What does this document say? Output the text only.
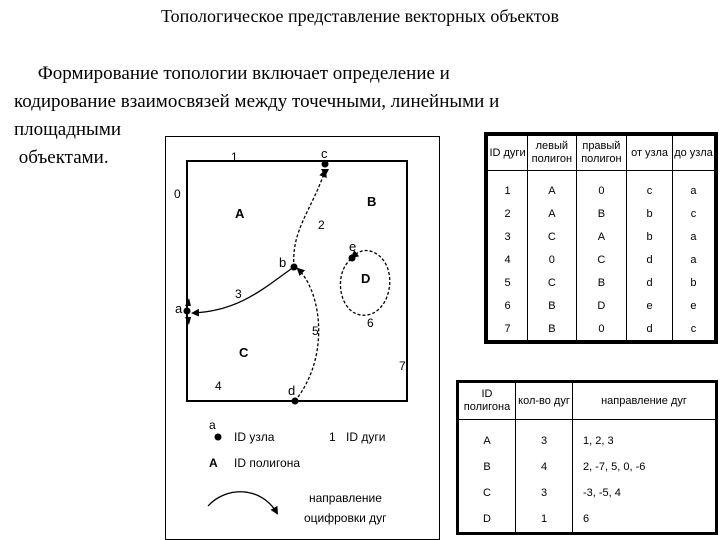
Топологическое представление векторных объектов
Формирование топологии включает определение и
кодирование взаимосвязей между точечными, линейными и
площадными
объектами.
a
b
c
d
e
0
1
2
3
4
5
6
7
A
B
C
D
a
ID узла	1 ID дуги
A ID полигона
направление
оцифровки дуг
ID дуги	левый полигон	правый полигон	от узла	до узла
1	A	0	c	a
2	A	B	b	c
3	C	A	b	a
4	0	C	d	a
5	C	B	d	b
6	B	D	e	e
7	B	0	d	c
ID полигона	кол-во дуг	направление дуг
A	3	1, 2, 3
B	4	2, -7, 5, 0, -6
C	3	-3, -5, 4
D	1	6
